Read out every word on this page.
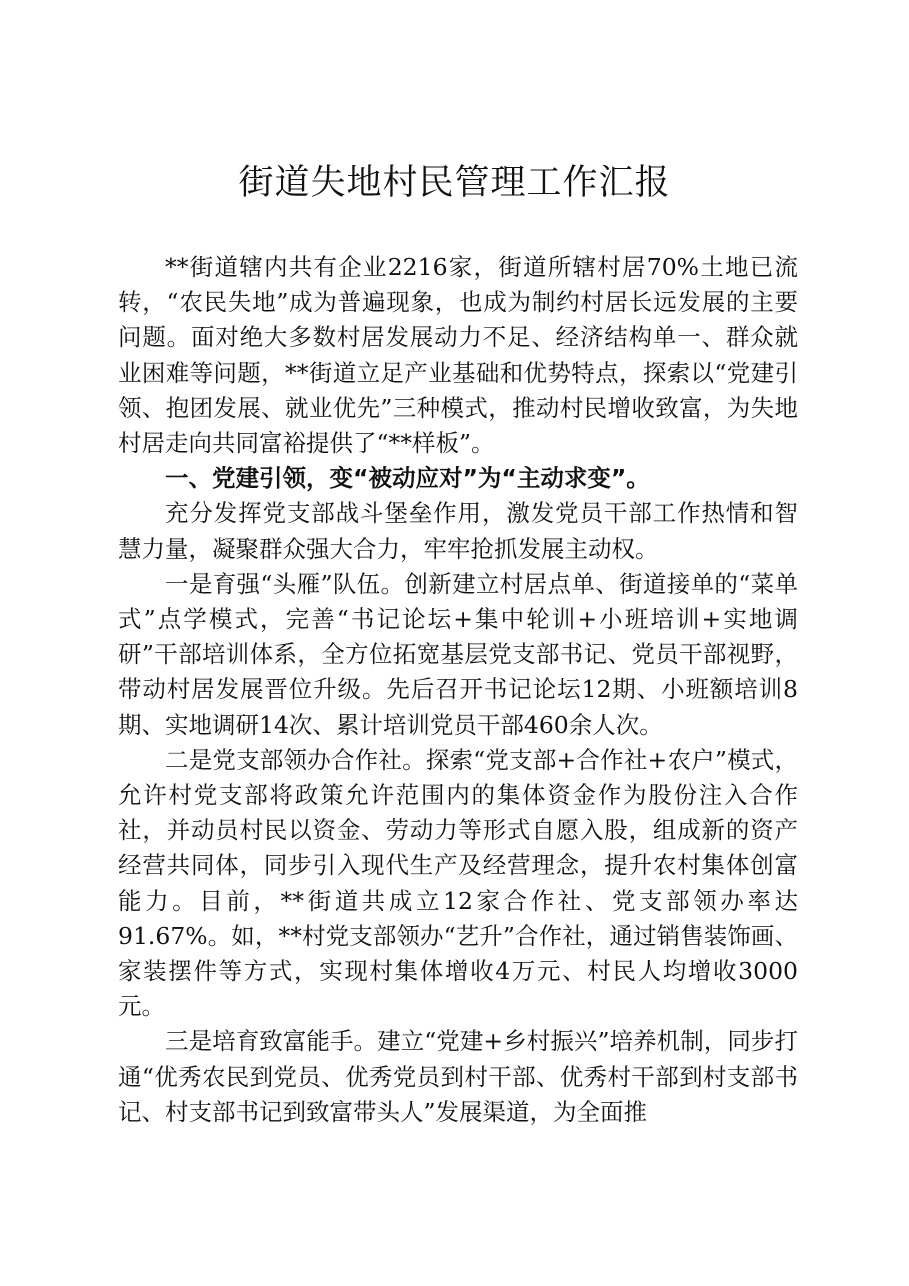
街道失地村民管理工作汇报

**街道辖内共有企业2216家，街道所辖村居70%土地已流转，“农民失地”成为普遍现象，也成为制约村居长远发展的主要问题。面对绝大多数村居发展动力不足、经济结构单一、群众就业困难等问题，**街道立足产业基础和优势特点，探索以“党建引领、抱团发展、就业优先”三种模式，推动村民增收致富，为失地村居走向共同富裕提供了“**样板”。

一、党建引领，变“被动应对”为“主动求变”。

充分发挥党支部战斗堡垒作用，激发党员干部工作热情和智慧力量，凝聚群众强大合力，牢牢抢抓发展主动权。

一是育强“头雁”队伍。创新建立村居点单、街道接单的“菜单式”点学模式，完善“书记论坛+集中轮训+小班培训+实地调研”干部培训体系，全方位拓宽基层党支部书记、党员干部视野，带动村居发展晋位升级。先后召开书记论坛12期、小班额培训8期、实地调研14次、累计培训党员干部460余人次。

二是党支部领办合作社。探索“党支部+合作社+农户”模式，允许村党支部将政策允许范围内的集体资金作为股份注入合作社，并动员村民以资金、劳动力等形式自愿入股，组成新的资产经营共同体，同步引入现代生产及经营理念，提升农村集体创富能力。目前，**街道共成立12家合作社、党支部领办率达91.67%。如，**村党支部领办“艺升”合作社，通过销售装饰画、家装摆件等方式，实现村集体增收4万元、村民人均增收3000元。

三是培育致富能手。建立“党建+乡村振兴”培养机制，同步打通“优秀农民到党员、优秀党员到村干部、优秀村干部到村支部书记、村支部书记到致富带头人”发展渠道，为全面推
